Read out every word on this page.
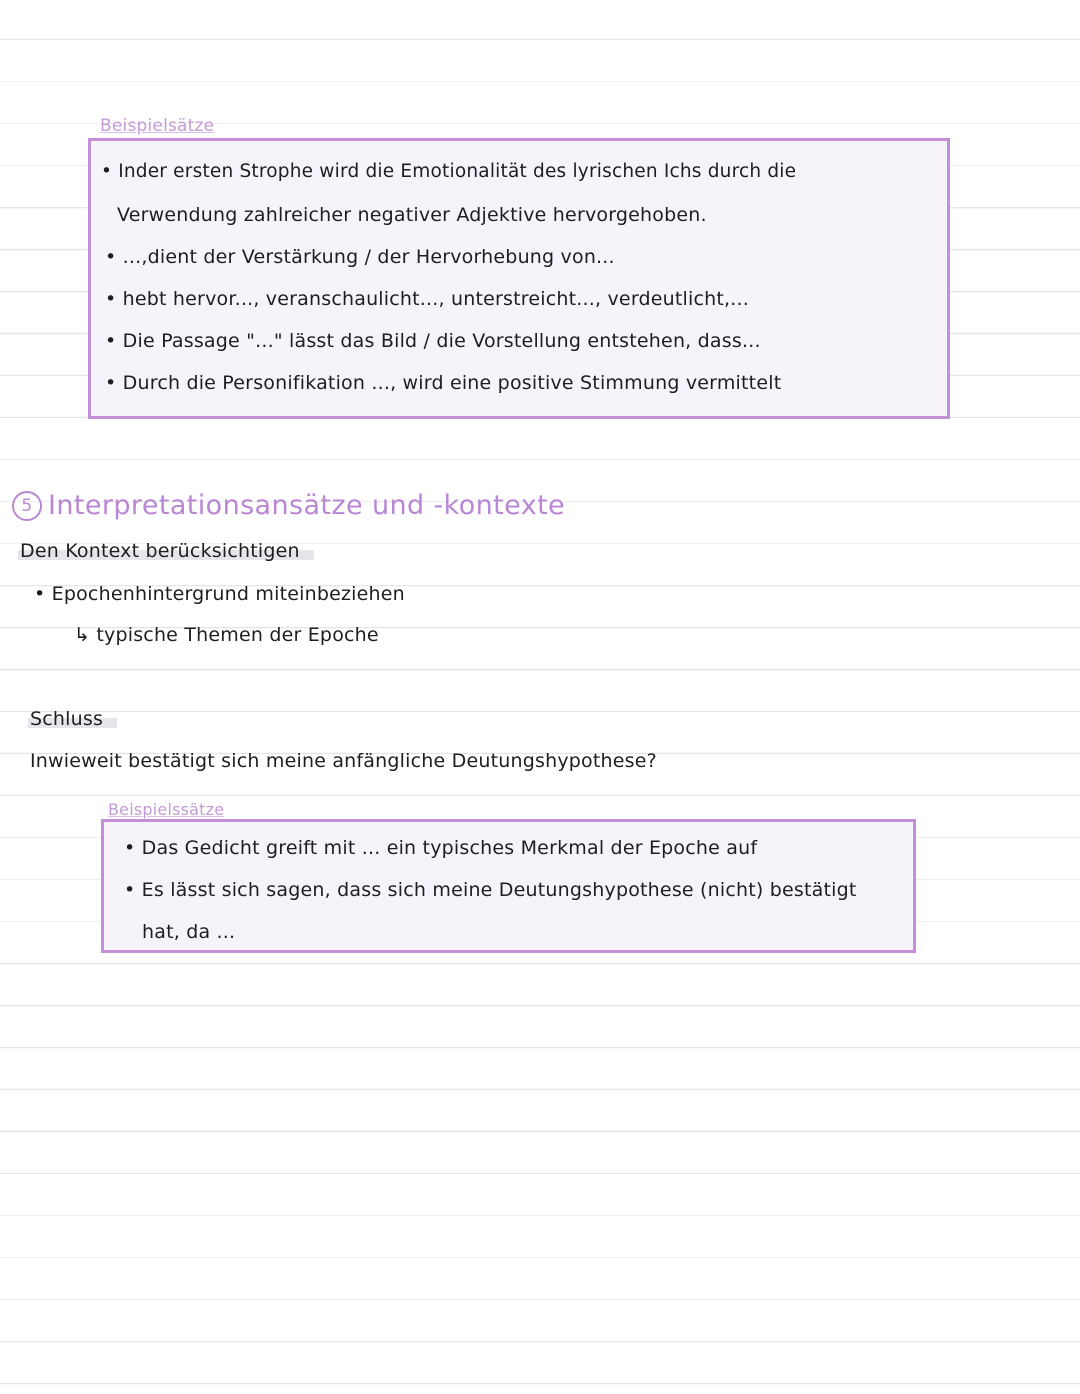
Beispielsätze
• Inder ersten Strophe wird die Emotionalität des lyrischen Ichs durch die
Verwendung zahlreicher negativer Adjektive hervorgehoben.
• ...,dient der Verstärkung / der Hervorhebung von...
• hebt hervor..., veranschaulicht..., unterstreicht..., verdeutlicht,...
• Die Passage "..." lässt das Bild / die Vorstellung entstehen, dass...
• Durch die Personifikation ..., wird eine positive Stimmung vermittelt
5 Interpretationsansätze und -kontexte
Den Kontext berücksichtigen
• Epochenhintergrund miteinbeziehen
↳ typische Themen der Epoche
Schluss
Inwieweit bestätigt sich meine anfängliche Deutungshypothese?
Beispielssätze
• Das Gedicht greift mit ... ein typisches Merkmal der Epoche auf
• Es lässt sich sagen, dass sich meine Deutungshypothese (nicht) bestätigt
hat, da ...
